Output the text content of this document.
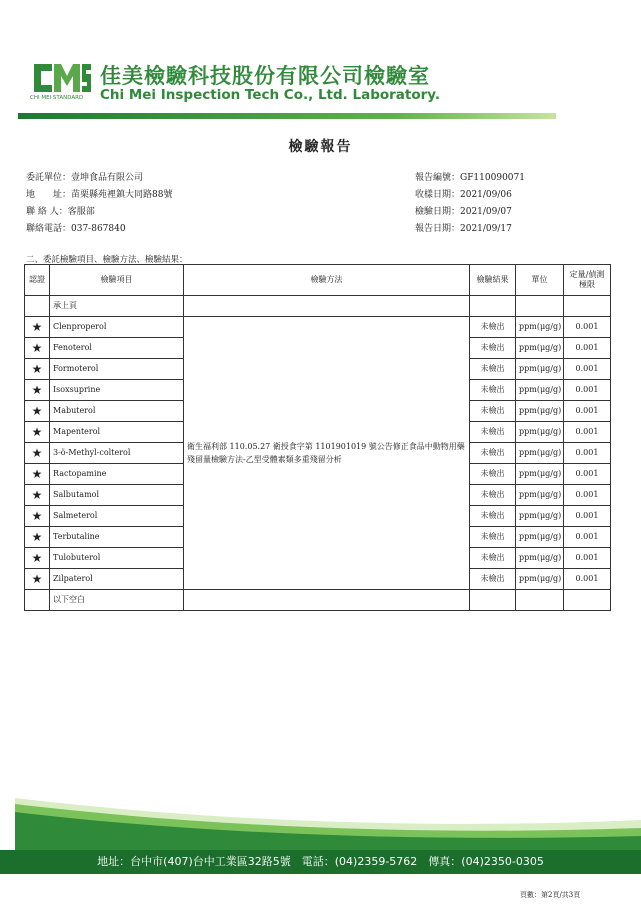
CHI MEI STANDARD
佳美檢驗科技股份有限公司檢驗室
Chi Mei Inspection Tech Co., Ltd. Laboratory.
檢驗報告
委託單位：壹坤食品有限公司
地　　址：苗栗縣苑裡鎮大同路88號
聯 絡 人：客服部
聯絡電話：037-867840
報告編號：GF110090071
收樣日期：2021/09/06
檢驗日期：2021/09/07
報告日期：2021/09/17
二、委託檢驗項目、檢驗方法、檢驗結果：
認證	檢驗項目	檢驗方法	檢驗結果	單位	定量/偵測極限
	承上頁				
★	Clenproperol	衛生福利部 110.05.27 衛授食字第 1101901019 號公告修正食品中動物用藥殘留量檢驗方法-乙型受體素類多重殘留分析	未檢出	ppm(μg/g)	0.001
★	Fenoterol		未檢出	ppm(μg/g)	0.001
★	Formoterol		未檢出	ppm(μg/g)	0.001
★	Isoxsuprine		未檢出	ppm(μg/g)	0.001
★	Mabuterol		未檢出	ppm(μg/g)	0.001
★	Mapenterol		未檢出	ppm(μg/g)	0.001
★	3-ö-Methyl-colterol		未檢出	ppm(μg/g)	0.001
★	Ractopamine		未檢出	ppm(μg/g)	0.001
★	Salbutamol		未檢出	ppm(μg/g)	0.001
★	Salmeterol		未檢出	ppm(μg/g)	0.001
★	Terbutaline		未檢出	ppm(μg/g)	0.001
★	Tulobuterol		未檢出	ppm(μg/g)	0.001
★	Zilpaterol		未檢出	ppm(μg/g)	0.001
	以下空白				
地址：台中市(407)台中工業區32路5號　電話：(04)2359-5762　傳真：(04)2350-0305
頁數：第2頁/共3頁
